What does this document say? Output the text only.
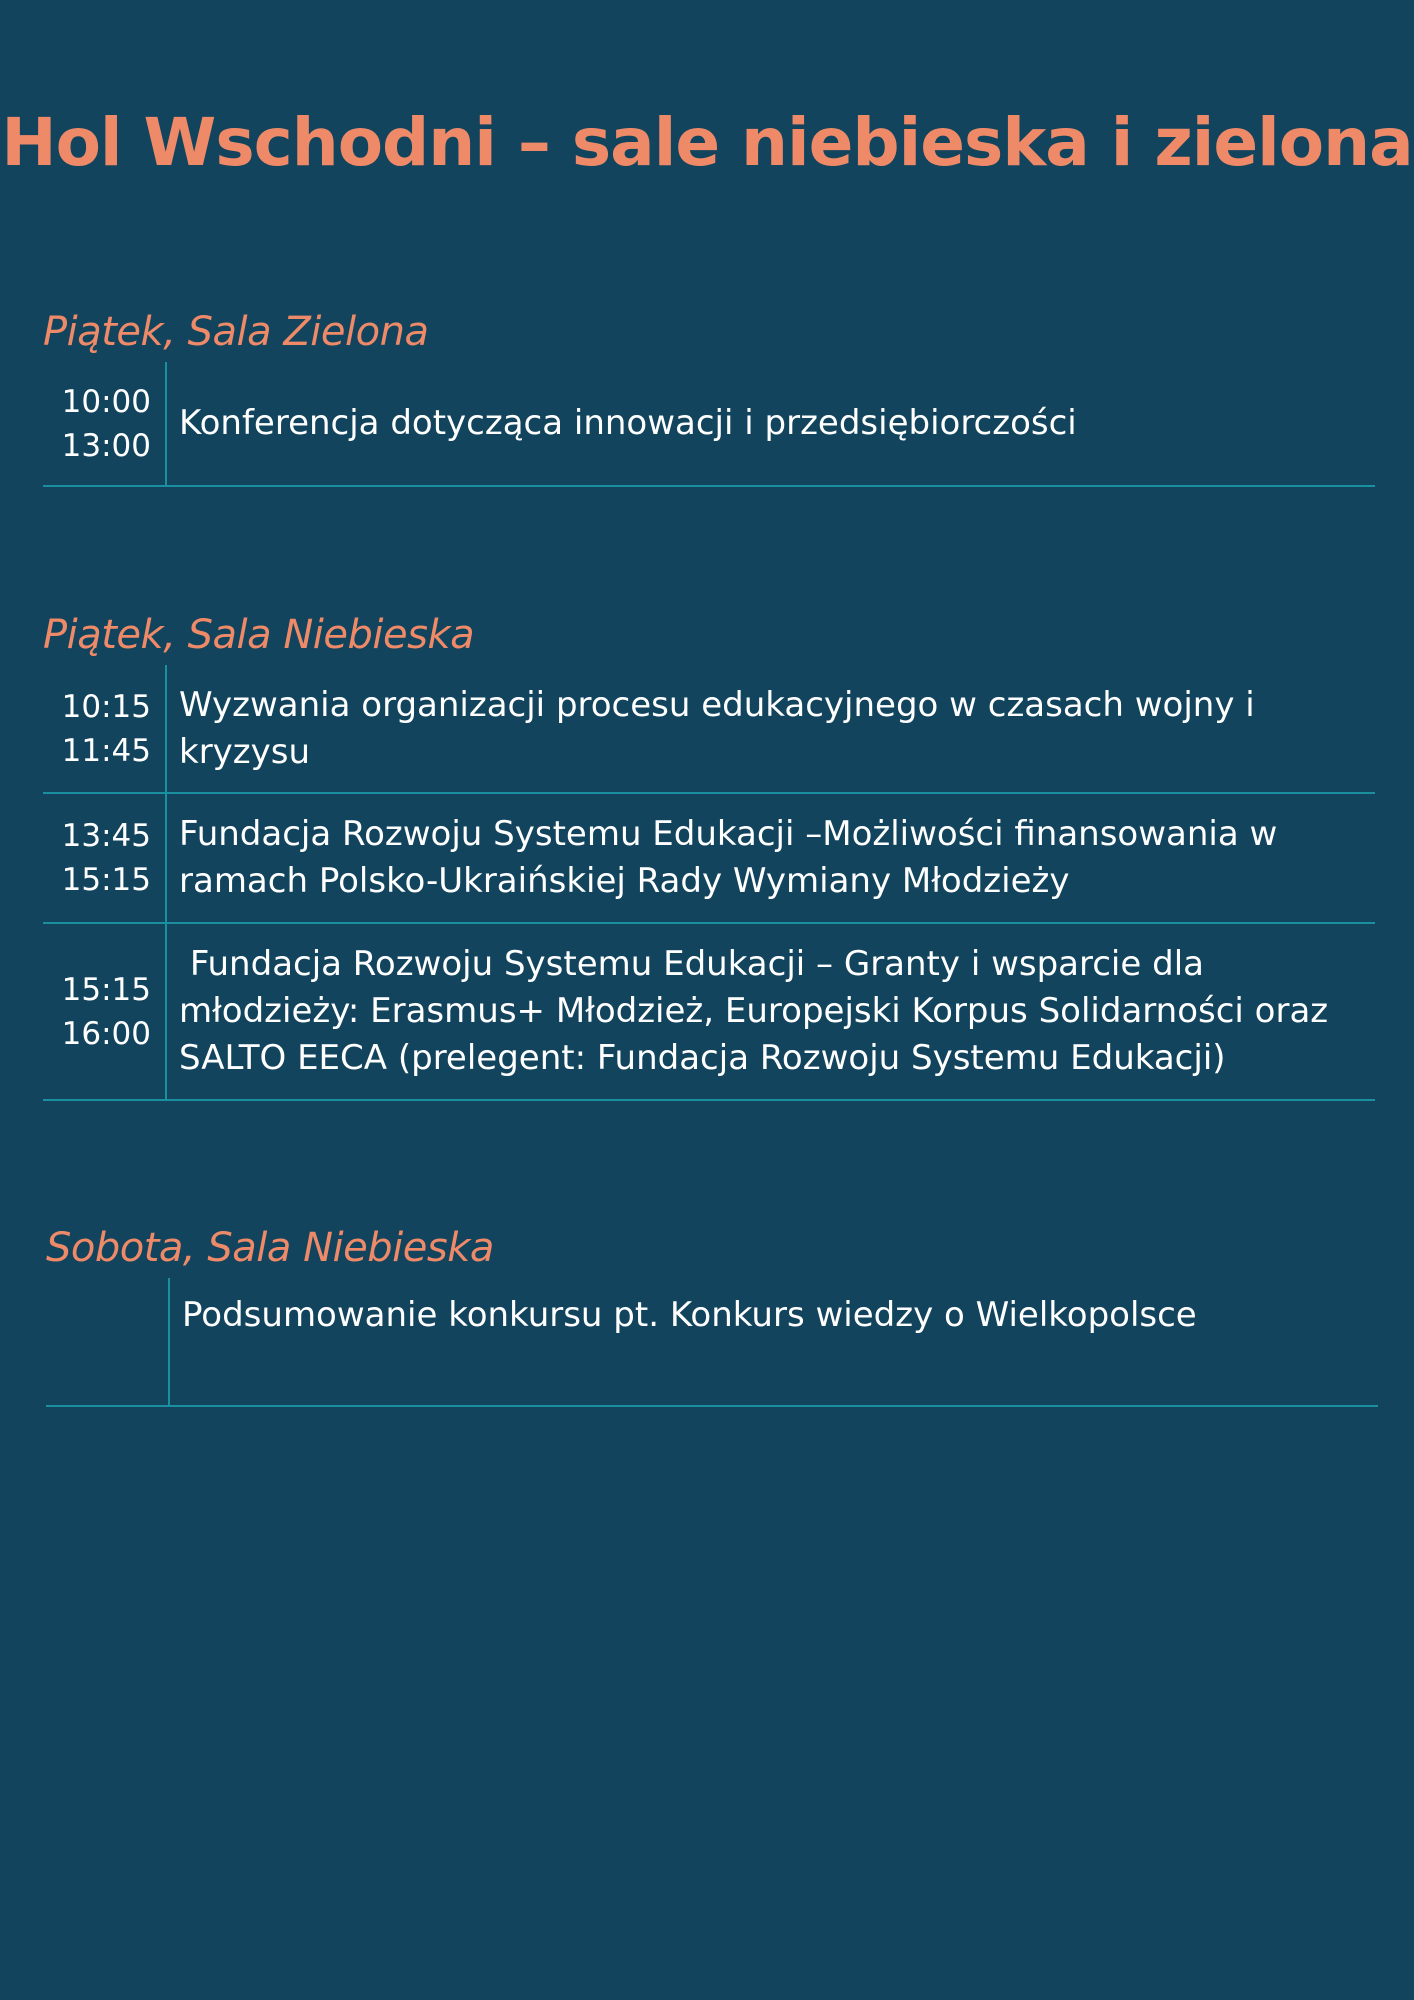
Hol Wschodni – sale niebieska i zielona
Piątek, Sala Zielona
10:00
13:00
Konferencja dotycząca innowacji i przedsiębiorczości
Piątek, Sala Niebieska
10:15
11:45
Wyzwania organizacji procesu edukacyjnego w czasach wojny i kryzysu
13:45
15:15
Fundacja Rozwoju Systemu Edukacji –Możliwości finansowania w ramach Polsko-Ukraińskiej Rady Wymiany Młodzieży
15:15
16:00
Fundacja Rozwoju Systemu Edukacji – Granty i wsparcie dla młodzieży: Erasmus+ Młodzież, Europejski Korpus Solidarności oraz SALTO EECA (prelegent: Fundacja Rozwoju Systemu Edukacji)
Sobota, Sala Niebieska
Podsumowanie konkursu pt. Konkurs wiedzy o Wielkopolsce
